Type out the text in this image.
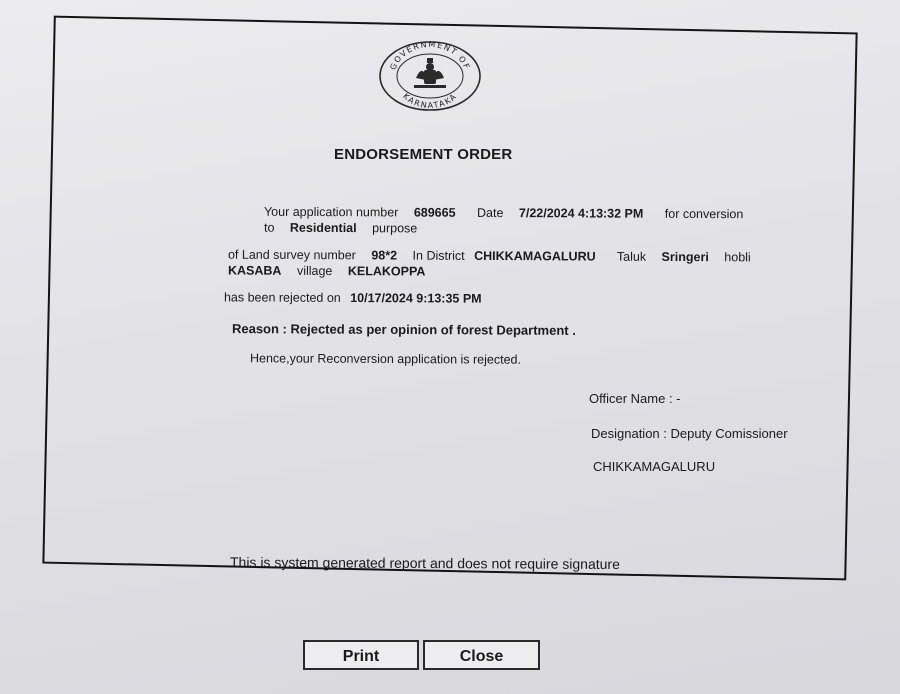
GOVERNMENT OF
KARNATAKA
ENDORSEMENT ORDER
Your application number 689665 Date 7/22/2024 4:13:32 PM for conversion
to Residential purpose
of Land survey number 98*2 In District CHIKKAMAGALURU Taluk Sringeri hobli
KASABA village KELAKOPPA
has been rejected on 10/17/2024 9:13:35 PM
Reason : Rejected as per opinion of forest Department .
Hence,your Reconversion application is rejected.
Officer Name : -
Designation : Deputy Comissioner
CHIKKAMAGALURU
This is system generated report and does not require signature
Print	Close
